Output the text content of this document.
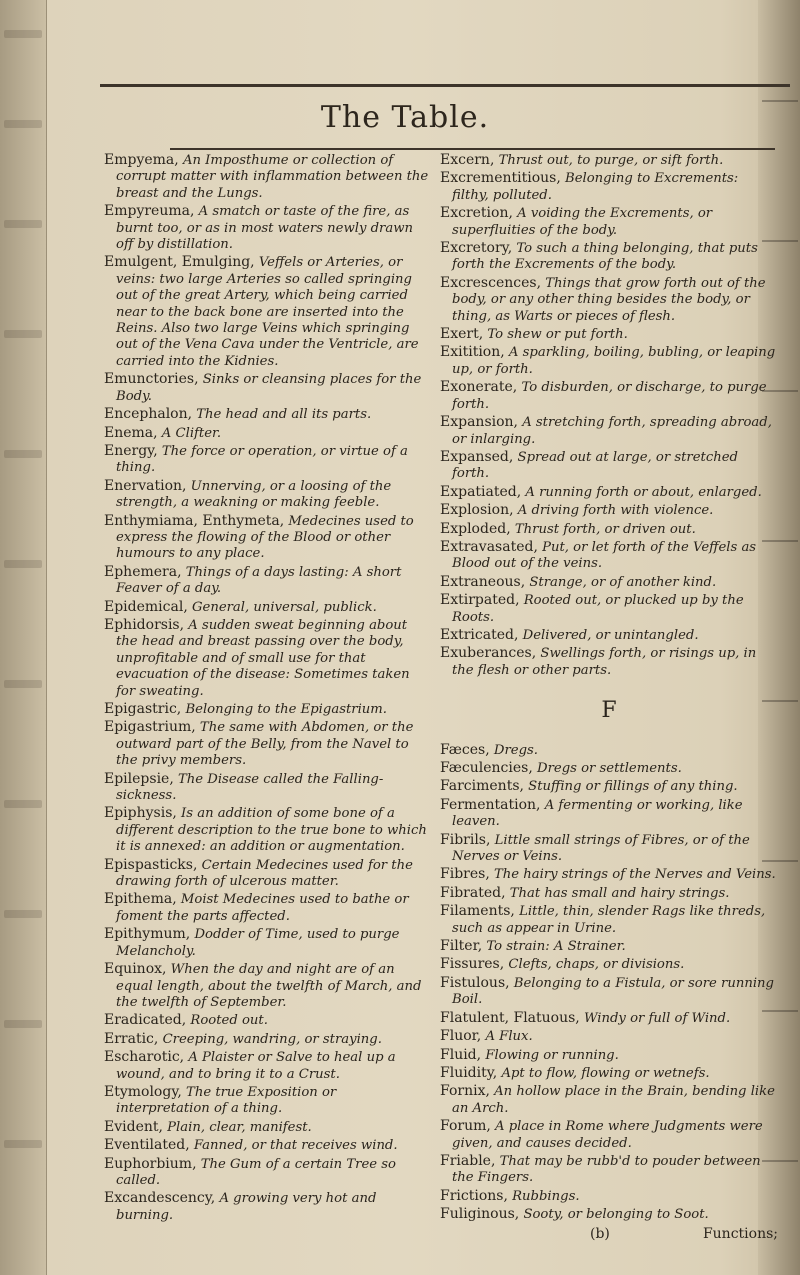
The Table.
Empyema, An Imposthume or collection of corrupt matter with inflammation between the breast and the Lungs.
Empyreuma, A smatch or taste of the fire, as burnt too, or as in most waters newly drawn off by distillation.
Emulgent, Emulging, Veffels or Arteries, or veins: two large Arteries so called springing out of the great Artery, which being carried near to the back bone are inserted into the Reins. Also two large Veins which springing out of the Vena Cava under the Ventricle, are carried into the Kidnies.
Emunctories, Sinks or cleansing places for the Body.
Encephalon, The head and all its parts.
Enema, A Clifter.
Energy, The force or operation, or virtue of a thing.
Enervation, Unnerving, or a loosing of the strength, a weakning or making feeble.
Enthymiama, Enthymeta, Medecines used to express the flowing of the Blood or other humours to any place.
Ephemera, Things of a days lasting: A short Feaver of a day.
Epidemical, General, universal, publick.
Ephidorsis, A sudden sweat beginning about the head and breast passing over the body, unprofitable and of small use for that evacuation of the disease: Sometimes taken for sweating.
Epigastric, Belonging to the Epigastrium.
Epigastrium, The same with Abdomen, or the outward part of the Belly, from the Navel to the privy members.
Epilepsie, The Disease called the Falling-sickness.
Epiphysis, Is an addition of some bone of a different description to the true bone to which it is annexed: an addition or augmentation.
Epispasticks, Certain Medecines used for the drawing forth of ulcerous matter.
Epithema, Moist Medecines used to bathe or foment the parts affected.
Epithymum, Dodder of Time, used to purge Melancholy.
Equinox, When the day and night are of an equal length, about the twelfth of March, and the twelfth of September.
Eradicated, Rooted out.
Erratic, Creeping, wandring, or straying.
Escharotic, A Plaister or Salve to heal up a wound, and to bring it to a Crust.
Etymology, The true Exposition or interpretation of a thing.
Evident, Plain, clear, manifest.
Eventilated, Fanned, or that receives wind.
Euphorbium, The Gum of a certain Tree so called.
Excandescency, A growing very hot and burning.
Excern, Thrust out, to purge, or sift forth.
Excrementitious, Belonging to Excrements: filthy, polluted.
Excretion, A voiding the Excrements, or superfluities of the body.
Excretory, To such a thing belonging, that puts forth the Excrements of the body.
Excrescences, Things that grow forth out of the body, or any other thing besides the body, or thing, as Warts or pieces of flesh.
Exert, To shew or put forth.
Exitition, A sparkling, boiling, bubling, or leaping up, or forth.
Exonerate, To disburden, or discharge, to purge forth.
Expansion, A stretching forth, spreading abroad, or inlarging.
Expansed, Spread out at large, or stretched forth.
Expatiated, A running forth or about, enlarged.
Explosion, A driving forth with violence.
Exploded, Thrust forth, or driven out.
Extravasated, Put, or let forth of the Veffels as Blood out of the veins.
Extraneous, Strange, or of another kind.
Extirpated, Rooted out, or plucked up by the Roots.
Extricated, Delivered, or unintangled.
Exuberances, Swellings forth, or risings up, in the flesh or other parts.
F
Fæces, Dregs.
Fæculencies, Dregs or settlements.
Farciments, Stuffing or fillings of any thing.
Fermentation, A fermenting or working, like leaven.
Fibrils, Little small strings of Fibres, or of the Nerves or Veins.
Fibres, The hairy strings of the Nerves and Veins.
Fibrated, That has small and hairy strings.
Filaments, Little, thin, slender Rags like threds, such as appear in Urine.
Filter, To strain: A Strainer.
Fissures, Clefts, chaps, or divisions.
Fistulous, Belonging to a Fistula, or sore running Boil.
Flatulent, Flatuous, Windy or full of Wind.
Fluor, A Flux.
Fluid, Flowing or running.
Fluidity, Apt to flow, flowing or wetnefs.
Fornix, An hollow place in the Brain, bending like an Arch.
Forum, A place in Rome where Judgments were given, and causes decided.
Friable, That may be rubb'd to pouder between the Fingers.
Frictions, Rubbings.
Fuliginous, Sooty, or belonging to Soot.
(b)	Functions;
